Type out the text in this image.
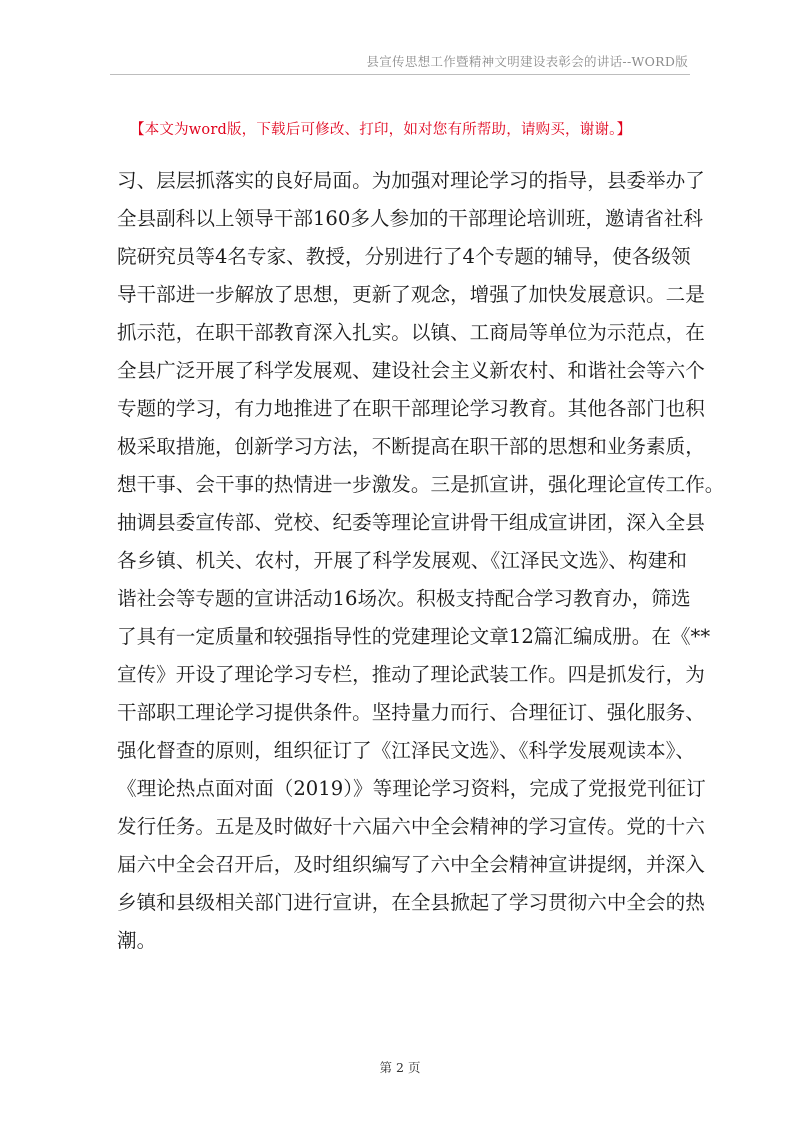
县宣传思想工作暨精神文明建设表彰会的讲话--WORD版
【本文为word版，下载后可修改、打印，如对您有所帮助，请购买，谢谢。】
习、层层抓落实的良好局面。为加强对理论学习的指导，县委举办了
全县副科以上领导干部160多人参加的干部理论培训班，邀请省社科
院研究员等4名专家、教授，分别进行了4个专题的辅导，使各级领
导干部进一步解放了思想，更新了观念，增强了加快发展意识。二是
抓示范，在职干部教育深入扎实。以镇、工商局等单位为示范点，在
全县广泛开展了科学发展观、建设社会主义新农村、和谐社会等六个
专题的学习，有力地推进了在职干部理论学习教育。其他各部门也积
极采取措施，创新学习方法，不断提高在职干部的思想和业务素质，
想干事、会干事的热情进一步激发。三是抓宣讲，强化理论宣传工作。
抽调县委宣传部、党校、纪委等理论宣讲骨干组成宣讲团，深入全县
各乡镇、机关、农村，开展了科学发展观、《江泽民文选》、构建和
谐社会等专题的宣讲活动16场次。积极支持配合学习教育办，筛选
了具有一定质量和较强指导性的党建理论文章12篇汇编成册。在《**
宣传》开设了理论学习专栏，推动了理论武装工作。四是抓发行，为
干部职工理论学习提供条件。坚持量力而行、合理征订、强化服务、
强化督查的原则，组织征订了《江泽民文选》、《科学发展观读本》、
《理论热点面对面（2019）》等理论学习资料，完成了党报党刊征订
发行任务。五是及时做好十六届六中全会精神的学习宣传。党的十六
届六中全会召开后，及时组织编写了六中全会精神宣讲提纲，并深入
乡镇和县级相关部门进行宣讲，在全县掀起了学习贯彻六中全会的热
潮。
第 2 页
